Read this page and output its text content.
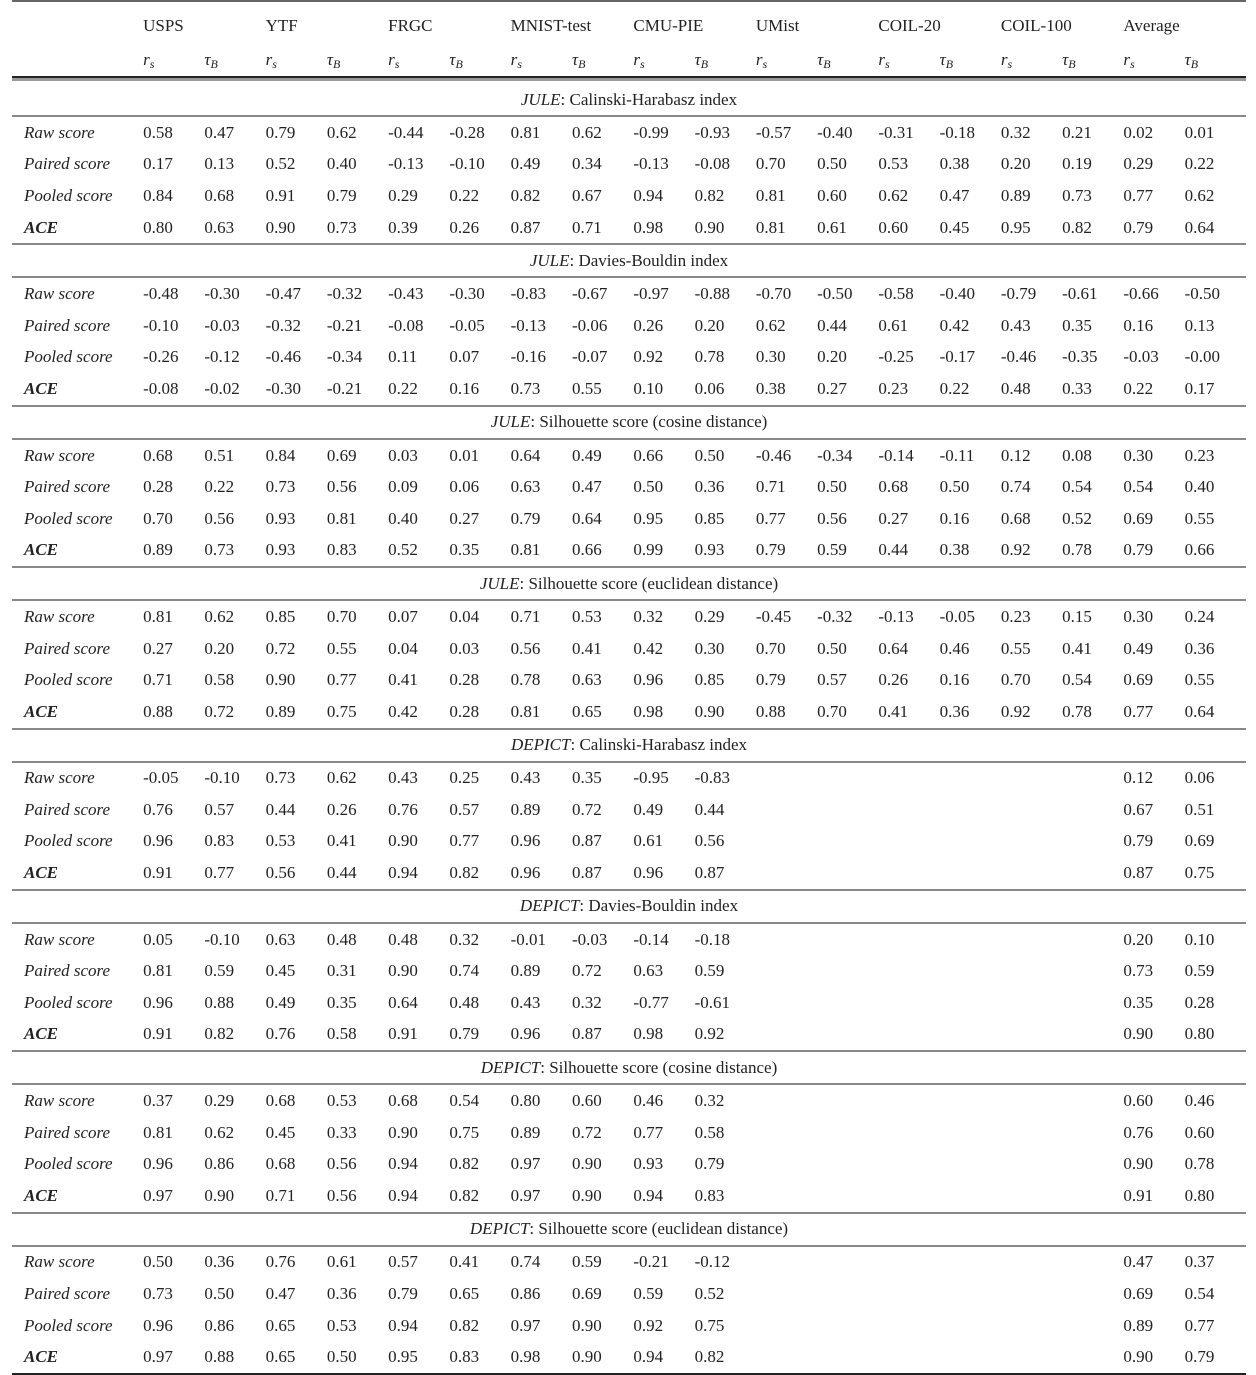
	USPS		YTF		FRGC		MNIST-test		CMU-PIE		UMist		COIL-20		COIL-100		Average	
	$r_s$	$\tau_B$	$r_s$	$\tau_B$	$r_s$	$\tau_B$	$r_s$	$\tau_B$	$r_s$	$\tau_B$	$r_s$	$\tau_B$	$r_s$	$\tau_B$	$r_s$	$\tau_B$	$r_s$	$\tau_B$

JULE: Calinski-Harabasz index																		
Raw score	0.58	0.47	0.79	0.62	-0.44	-0.28	0.81	0.62	-0.99	-0.93	-0.57	-0.40	-0.31	-0.18	0.32	0.21	0.02	0.01
Paired score	0.17	0.13	0.52	0.40	-0.13	-0.10	0.49	0.34	-0.13	-0.08	0.70	0.50	0.53	0.38	0.20	0.19	0.29	0.22
Pooled score	0.84	0.68	0.91	0.79	0.29	0.22	0.82	0.67	0.94	0.82	0.81	0.60	0.62	0.47	0.89	0.73	0.77	0.62
ACE	0.80	0.63	0.90	0.73	0.39	0.26	0.87	0.71	0.98	0.90	0.81	0.61	0.60	0.45	0.95	0.82	0.79	0.64
JULE: Davies-Bouldin index																		
Raw score	-0.48	-0.30	-0.47	-0.32	-0.43	-0.30	-0.83	-0.67	-0.97	-0.88	-0.70	-0.50	-0.58	-0.40	-0.79	-0.61	-0.66	-0.50
Paired score	-0.10	-0.03	-0.32	-0.21	-0.08	-0.05	-0.13	-0.06	0.26	0.20	0.62	0.44	0.61	0.42	0.43	0.35	0.16	0.13
Pooled score	-0.26	-0.12	-0.46	-0.34	0.11	0.07	-0.16	-0.07	0.92	0.78	0.30	0.20	-0.25	-0.17	-0.46	-0.35	-0.03	-0.00
ACE	-0.08	-0.02	-0.30	-0.21	0.22	0.16	0.73	0.55	0.10	0.06	0.38	0.27	0.23	0.22	0.48	0.33	0.22	0.17
JULE: Silhouette score (cosine distance)																		
Raw score	0.68	0.51	0.84	0.69	0.03	0.01	0.64	0.49	0.66	0.50	-0.46	-0.34	-0.14	-0.11	0.12	0.08	0.30	0.23
Paired score	0.28	0.22	0.73	0.56	0.09	0.06	0.63	0.47	0.50	0.36	0.71	0.50	0.68	0.50	0.74	0.54	0.54	0.40
Pooled score	0.70	0.56	0.93	0.81	0.40	0.27	0.79	0.64	0.95	0.85	0.77	0.56	0.27	0.16	0.68	0.52	0.69	0.55
ACE	0.89	0.73	0.93	0.83	0.52	0.35	0.81	0.66	0.99	0.93	0.79	0.59	0.44	0.38	0.92	0.78	0.79	0.66
JULE: Silhouette score (euclidean distance)																		
Raw score	0.81	0.62	0.85	0.70	0.07	0.04	0.71	0.53	0.32	0.29	-0.45	-0.32	-0.13	-0.05	0.23	0.15	0.30	0.24
Paired score	0.27	0.20	0.72	0.55	0.04	0.03	0.56	0.41	0.42	0.30	0.70	0.50	0.64	0.46	0.55	0.41	0.49	0.36
Pooled score	0.71	0.58	0.90	0.77	0.41	0.28	0.78	0.63	0.96	0.85	0.79	0.57	0.26	0.16	0.70	0.54	0.69	0.55
ACE	0.88	0.72	0.89	0.75	0.42	0.28	0.81	0.65	0.98	0.90	0.88	0.70	0.41	0.36	0.92	0.78	0.77	0.64
DEPICT: Calinski-Harabasz index																		
Raw score	-0.05	-0.10	0.73	0.62	0.43	0.25	0.43	0.35	-0.95	-0.83							0.12	0.06
Paired score	0.76	0.57	0.44	0.26	0.76	0.57	0.89	0.72	0.49	0.44							0.67	0.51
Pooled score	0.96	0.83	0.53	0.41	0.90	0.77	0.96	0.87	0.61	0.56							0.79	0.69
ACE	0.91	0.77	0.56	0.44	0.94	0.82	0.96	0.87	0.96	0.87							0.87	0.75
DEPICT: Davies-Bouldin index																		
Raw score	0.05	-0.10	0.63	0.48	0.48	0.32	-0.01	-0.03	-0.14	-0.18							0.20	0.10
Paired score	0.81	0.59	0.45	0.31	0.90	0.74	0.89	0.72	0.63	0.59							0.73	0.59
Pooled score	0.96	0.88	0.49	0.35	0.64	0.48	0.43	0.32	-0.77	-0.61							0.35	0.28
ACE	0.91	0.82	0.76	0.58	0.91	0.79	0.96	0.87	0.98	0.92							0.90	0.80
DEPICT: Silhouette score (cosine distance)																		
Raw score	0.37	0.29	0.68	0.53	0.68	0.54	0.80	0.60	0.46	0.32							0.60	0.46
Paired score	0.81	0.62	0.45	0.33	0.90	0.75	0.89	0.72	0.77	0.58							0.76	0.60
Pooled score	0.96	0.86	0.68	0.56	0.94	0.82	0.97	0.90	0.93	0.79							0.90	0.78
ACE	0.97	0.90	0.71	0.56	0.94	0.82	0.97	0.90	0.94	0.83							0.91	0.80
DEPICT: Silhouette score (euclidean distance)																		
Raw score	0.50	0.36	0.76	0.61	0.57	0.41	0.74	0.59	-0.21	-0.12							0.47	0.37
Paired score	0.73	0.50	0.47	0.36	0.79	0.65	0.86	0.69	0.59	0.52							0.69	0.54
Pooled score	0.96	0.86	0.65	0.53	0.94	0.82	0.97	0.90	0.92	0.75							0.89	0.77
ACE	0.97	0.88	0.65	0.50	0.95	0.83	0.98	0.90	0.94	0.82							0.90	0.79
